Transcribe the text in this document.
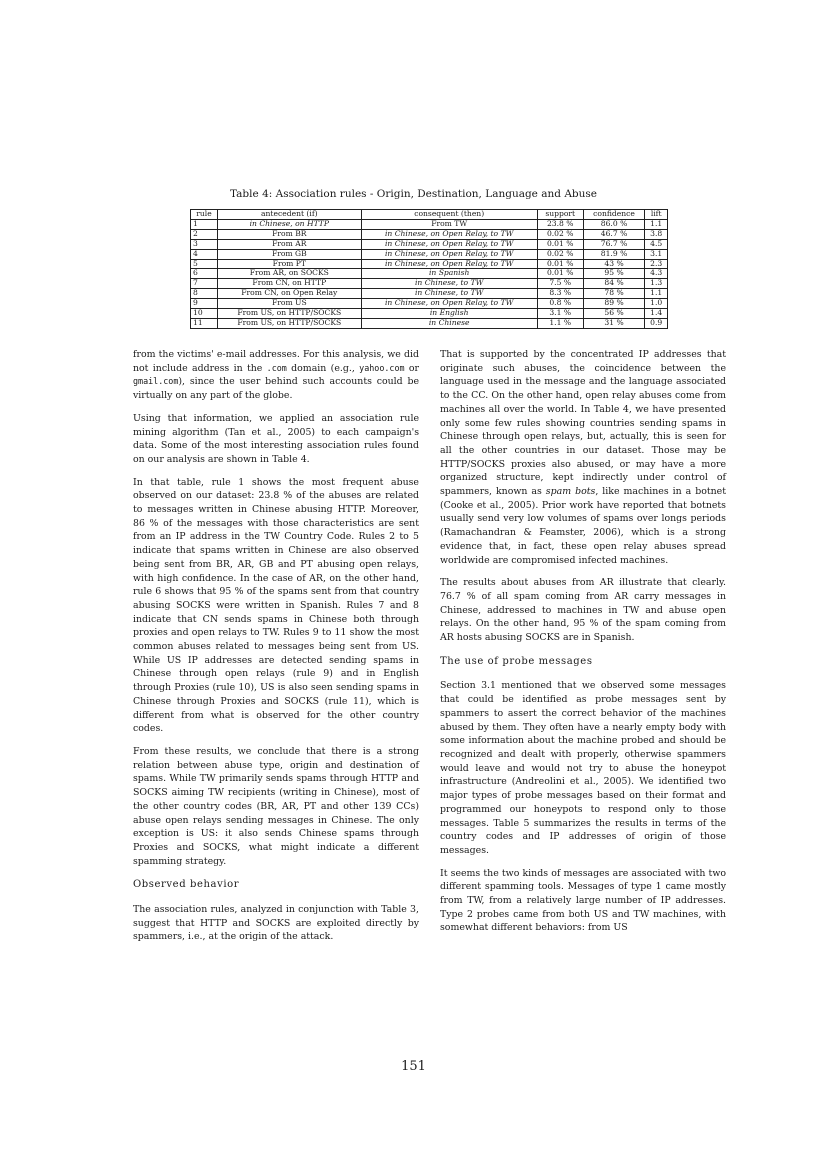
Table 4: Association rules - Origin, Destination, Language and Abuse
rule	antecedent (if)	consequent (then)	support	confidence	lift
1	in Chinese, on HTTP	From TW	23.8 %	86.0 %	1.1
2	From BR	in Chinese, on Open Relay, to TW	0.02 %	46.7 %	3.8
3	From AR	in Chinese, on Open Relay, to TW	0.01 %	76.7 %	4.5
4	From GB	in Chinese, on Open Relay, to TW	0.02 %	81.9 %	3.1
5	From PT	in Chinese, on Open Relay, to TW	0.01 %	43 %	2.3
6	From AR, on SOCKS	in Spanish	0.01 %	95 %	4.3
7	From CN, on HTTP	in Chinese, to TW	7.5 %	84 %	1.3
8	From CN, on Open Relay	in Chinese, to TW	8.3 %	78 %	1.1
9	From US	in Chinese, on Open Relay, to TW	0.8 %	89 %	1.0
10	From US, on HTTP/SOCKS	in English	3.1 %	56 %	1.4
11	From US, on HTTP/SOCKS	in Chinese	1.1 %	31 %	0.9

from the victims' e-mail addresses. For this analysis, we did not include address in the .com domain (e.g., yahoo.com or gmail.com), since the user behind such accounts could be virtually on any part of the globe.

Using that information, we applied an association rule mining algorithm (Tan et al., 2005) to each campaign's data. Some of the most interesting association rules found on our analysis are shown in Table 4.

In that table, rule 1 shows the most frequent abuse observed on our dataset: 23.8 % of the abuses are related to messages written in Chinese abusing HTTP. Moreover, 86 % of the messages with those characteristics are sent from an IP address in the TW Country Code. Rules 2 to 5 indicate that spams written in Chinese are also observed being sent from BR, AR, GB and PT abusing open relays, with high confidence. In the case of AR, on the other hand, rule 6 shows that 95 % of the spams sent from that country abusing SOCKS were written in Spanish. Rules 7 and 8 indicate that CN sends spams in Chinese both through proxies and open relays to TW. Rules 9 to 11 show the most common abuses related to messages being sent from US. While US IP addresses are detected sending spams in Chinese through open relays (rule 9) and in English through Proxies (rule 10), US is also seen sending spams in Chinese through Proxies and SOCKS (rule 11), which is different from what is observed for the other country codes.

From these results, we conclude that there is a strong relation between abuse type, origin and destination of spams. While TW primarily sends spams through HTTP and SOCKS aiming TW recipients (writing in Chinese), most of the other country codes (BR, AR, PT and other 139 CCs) abuse open relays sending messages in Chinese. The only exception is US: it also sends Chinese spams through Proxies and SOCKS, what might indicate a different spamming strategy.

Observed behavior

The association rules, analyzed in conjunction with Table 3, suggest that HTTP and SOCKS are exploited directly by spammers, i.e., at the origin of the attack.

That is supported by the concentrated IP addresses that originate such abuses, the coincidence between the language used in the message and the language associated to the CC. On the other hand, open relay abuses come from machines all over the world. In Table 4, we have presented only some few rules showing countries sending spams in Chinese through open relays, but, actually, this is seen for all the other countries in our dataset. Those may be HTTP/SOCKS proxies also abused, or may have a more organized structure, kept indirectly under control of spammers, known as spam bots, like machines in a botnet (Cooke et al., 2005). Prior work have reported that botnets usually send very low volumes of spams over longs periods (Ramachandran & Feamster, 2006), which is a strong evidence that, in fact, these open relay abuses spread worldwide are compromised infected machines.

The results about abuses from AR illustrate that clearly. 76.7 % of all spam coming from AR carry messages in Chinese, addressed to machines in TW and abuse open relays. On the other hand, 95 % of the spam coming from AR hosts abusing SOCKS are in Spanish.

The use of probe messages

Section 3.1 mentioned that we observed some messages that could be identified as probe messages sent by spammers to assert the correct behavior of the machines abused by them. They often have a nearly empty body with some information about the machine probed and should be recognized and dealt with properly, otherwise spammers would leave and would not try to abuse the honeypot infrastructure (Andreolini et al., 2005). We identified two major types of probe messages based on their format and programmed our honeypots to respond only to those messages. Table 5 summarizes the results in terms of the country codes and IP addresses of origin of those messages.

It seems the two kinds of messages are associated with two different spamming tools. Messages of type 1 came mostly from TW, from a relatively large number of IP addresses. Type 2 probes came from both US and TW machines, with somewhat different behaviors: from US

151
